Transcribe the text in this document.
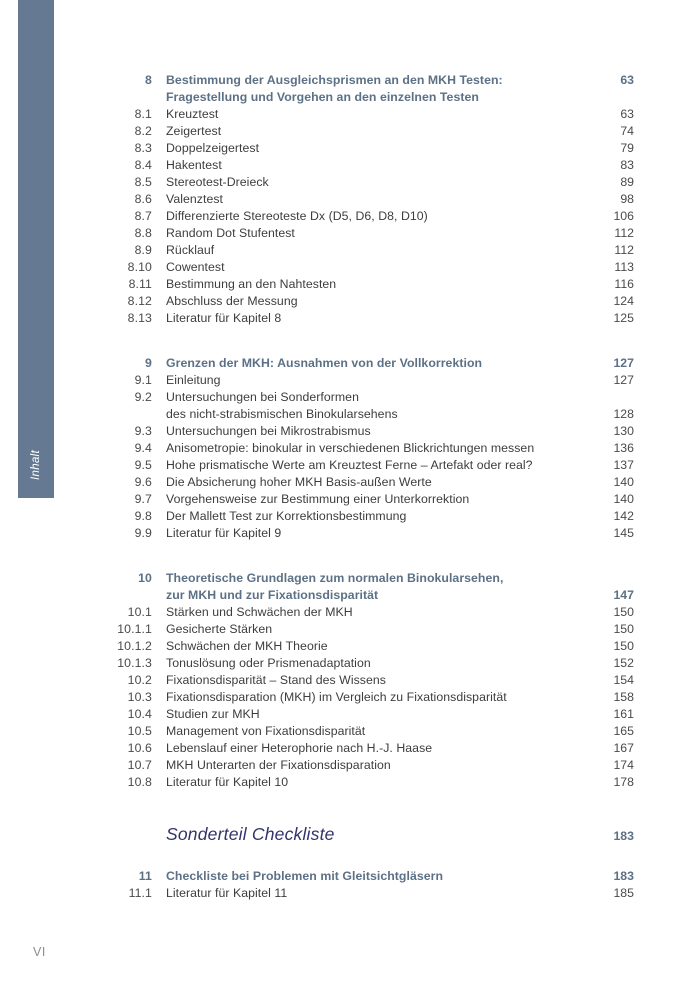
Inhalt
8	Bestimmung der Ausgleichsprismen an den MKH Testen:	63
Fragestellung und Vorgehen an den einzelnen Testen
8.1	Kreuztest	63
8.2	Zeigertest	74
8.3	Doppelzeigertest	79
8.4	Hakentest	83
8.5	Stereotest-Dreieck	89
8.6	Valenztest	98
8.7	Differenzierte Stereoteste Dx (D5, D6, D8, D10)	106
8.8	Random Dot Stufentest	112
8.9	Rücklauf	112
8.10	Cowentest	113
8.11	Bestimmung an den Nahtesten	116
8.12	Abschluss der Messung	124
8.13	Literatur für Kapitel 8	125
9	Grenzen der MKH: Ausnahmen von der Vollkorrektion	127
9.1	Einleitung	127
9.2	Untersuchungen bei Sonderformen
des nicht-strabismischen Binokularsehens	128
9.3	Untersuchungen bei Mikrostrabismus	130
9.4	Anisometropie: binokular in verschiedenen Blickrichtungen messen	136
9.5	Hohe prismatische Werte am Kreuztest Ferne – Artefakt oder real?	137
9.6	Die Absicherung hoher MKH Basis-außen Werte	140
9.7	Vorgehensweise zur Bestimmung einer Unterkorrektion	140
9.8	Der Mallett Test zur Korrektionsbestimmung	142
9.9	Literatur für Kapitel 9	145
10	Theoretische Grundlagen zum normalen Binokularsehen,
zur MKH und zur Fixationsdisparität	147
10.1	Stärken und Schwächen der MKH	150
10.1.1	Gesicherte Stärken	150
10.1.2	Schwächen der MKH Theorie	150
10.1.3	Tonuslösung oder Prismenadaptation	152
10.2	Fixationsdisparität – Stand des Wissens	154
10.3	Fixationsdisparation (MKH) im Vergleich zu Fixationsdisparität	158
10.4	Studien zur MKH	161
10.5	Management von Fixationsdisparität	165
10.6	Lebenslauf einer Heterophorie nach H.-J. Haase	167
10.7	MKH Unterarten der Fixationsdisparation	174
10.8	Literatur für Kapitel 10	178
Sonderteil Checkliste	183
11	Checkliste bei Problemen mit Gleitsichtgläsern	183
11.1	Literatur für Kapitel 11	185
VI
